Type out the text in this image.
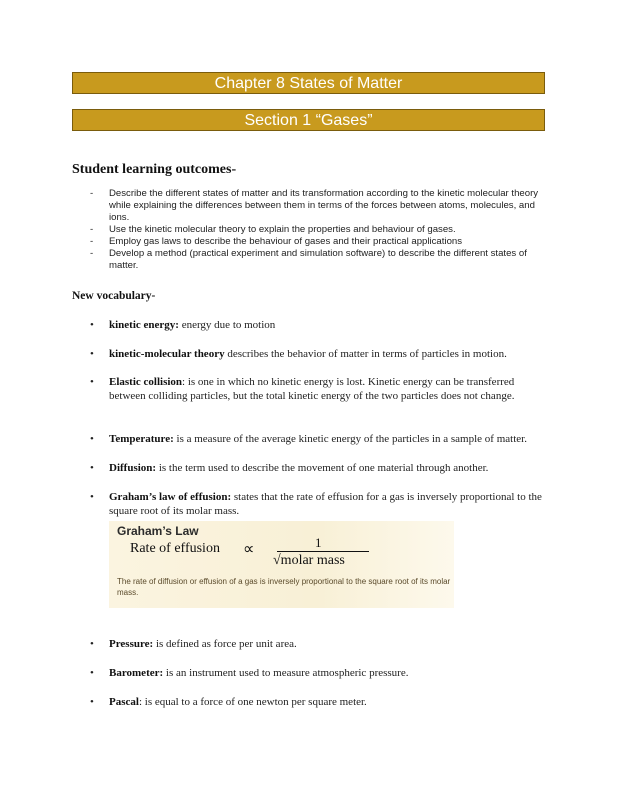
Chapter 8 States of Matter
Section 1 “Gases”
Student learning outcomes-
- Describe the different states of matter and its transformation according to the kinetic molecular theory while explaining the differences between them in terms of the forces between atoms, molecules, and ions.
- Use the kinetic molecular theory to explain the properties and behaviour of gases.
- Employ gas laws to describe the behaviour of gases and their practical applications
- Develop a method (practical experiment and simulation software) to describe the different states of matter.
New vocabulary-
• kinetic energy: energy due to motion
• kinetic-molecular theory describes the behavior of matter in terms of particles in motion.
• Elastic collision: is one in which no kinetic energy is lost. Kinetic energy can be transferred between colliding particles, but the total kinetic energy of the two particles does not change.
• Temperature: is a measure of the average kinetic energy of the particles in a sample of matter.
• Diffusion: is the term used to describe the movement of one material through another.
• Graham’s law of effusion: states that the rate of effusion for a gas is inversely proportional to the square root of its molar mass.
Graham’s Law
Rate of effusion ∝	1
√molar mass
The rate of diffusion or effusion of a gas is inversely proportional to the square root of its molar mass.
• Pressure: is defined as force per unit area.
• Barometer: is an instrument used to measure atmospheric pressure.
• Pascal: is equal to a force of one newton per square meter.
